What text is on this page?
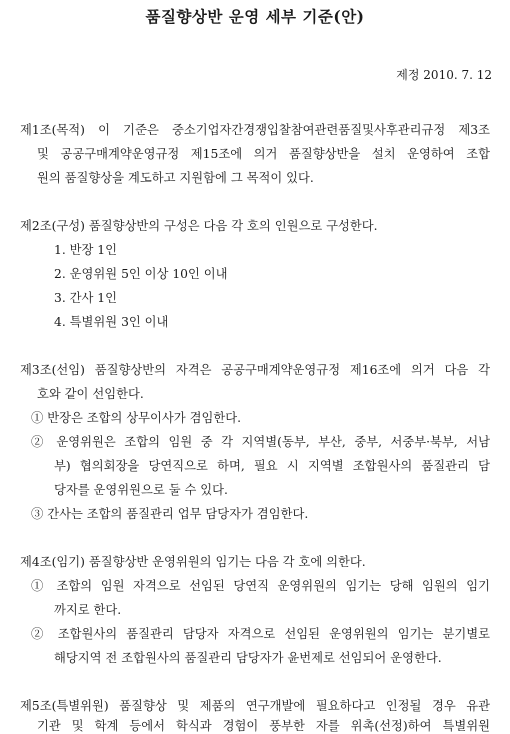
품질향상반 운영 세부 기준(안)
제정 2010. 7. 12
제1조(목적) 이 기준은 중소기업자간경쟁입찰참여관련품질및사후관리규정 제3조
및 공공구매계약운영규정 제15조에 의거 품질향상반을 설치 운영하여 조합
원의 품질향상을 계도하고 지원함에 그 목적이 있다.
제2조(구성) 품질향상반의 구성은 다음 각 호의 인원으로 구성한다.
1. 반장 1인
2. 운영위원 5인 이상 10인 이내
3. 간사 1인
4. 특별위원 3인 이내
제3조(선임) 품질향상반의 자격은 공공구매계약운영규정 제16조에 의거 다음 각
호와 같이 선임한다.
① 반장은 조합의 상무이사가 겸임한다.
② 운영위원은 조합의 임원 중 각 지역별(동부, 부산, 중부, 서중부·북부, 서남
부) 협의회장을 당연직으로 하며, 필요 시 지역별 조합원사의 품질관리 담
당자를 운영위원으로 둘 수 있다.
③ 간사는 조합의 품질관리 업무 담당자가 겸임한다.
제4조(임기) 품질향상반 운영위원의 임기는 다음 각 호에 의한다.
① 조합의 임원 자격으로 선임된 당연직 운영위원의 임기는 당해 임원의 임기
까지로 한다.
② 조합원사의 품질관리 담당자 자격으로 선임된 운영위원의 임기는 분기별로
해당지역 전 조합원사의 품질관리 담당자가 윤번제로 선임되어 운영한다.
제5조(특별위원) 품질향상 및 제품의 연구개발에 필요하다고 인정될 경우 유관
기관 및 학계 등에서 학식과 경험이 풍부한 자를 위촉(선정)하여 특별위원
